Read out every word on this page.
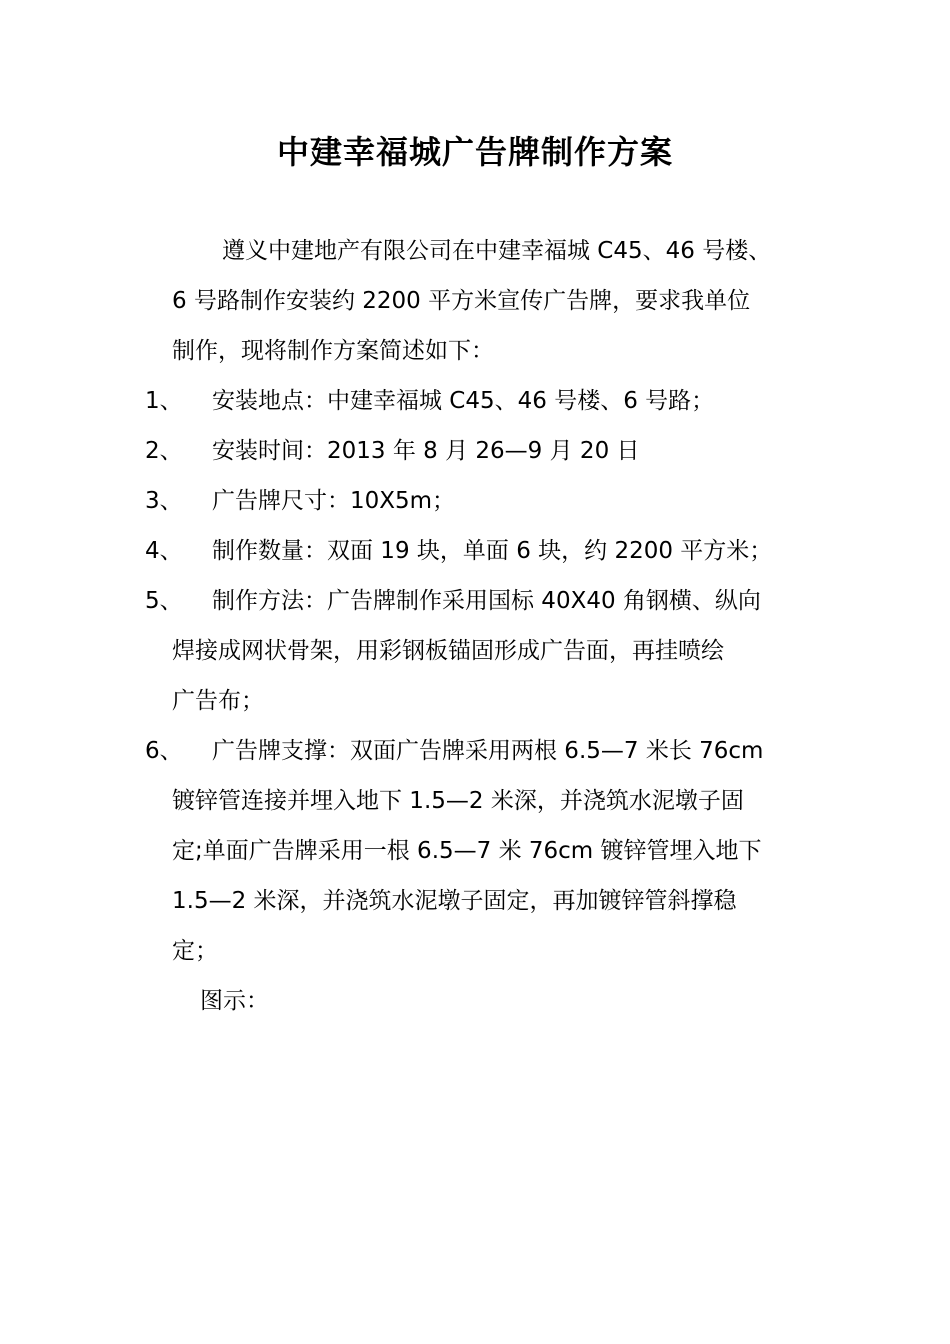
中建幸福城广告牌制作方案
遵义中建地产有限公司在中建幸福城 C45、46 号楼、
6 号路制作安装约 2200 平方米宣传广告牌，要求我单位
制作，现将制作方案简述如下：
1、 安装地点：中建幸福城 C45、46 号楼、6 号路；
2、 安装时间：2013 年 8 月 26—9 月 20 日
3、 广告牌尺寸：10X5m；
4、 制作数量：双面 19 块，单面 6 块，约 2200 平方米；
5、 制作方法：广告牌制作采用国标 40X40 角钢横、纵向
焊接成网状骨架，用彩钢板锚固形成广告面，再挂喷绘
广告布；
6、 广告牌支撑：双面广告牌采用两根 6.5—7 米长 76cm
镀锌管连接并埋入地下 1.5—2 米深，并浇筑水泥墩子固
定;单面广告牌采用一根 6.5—7 米 76cm 镀锌管埋入地下
1.5—2 米深，并浇筑水泥墩子固定，再加镀锌管斜撑稳
定；
图示：
